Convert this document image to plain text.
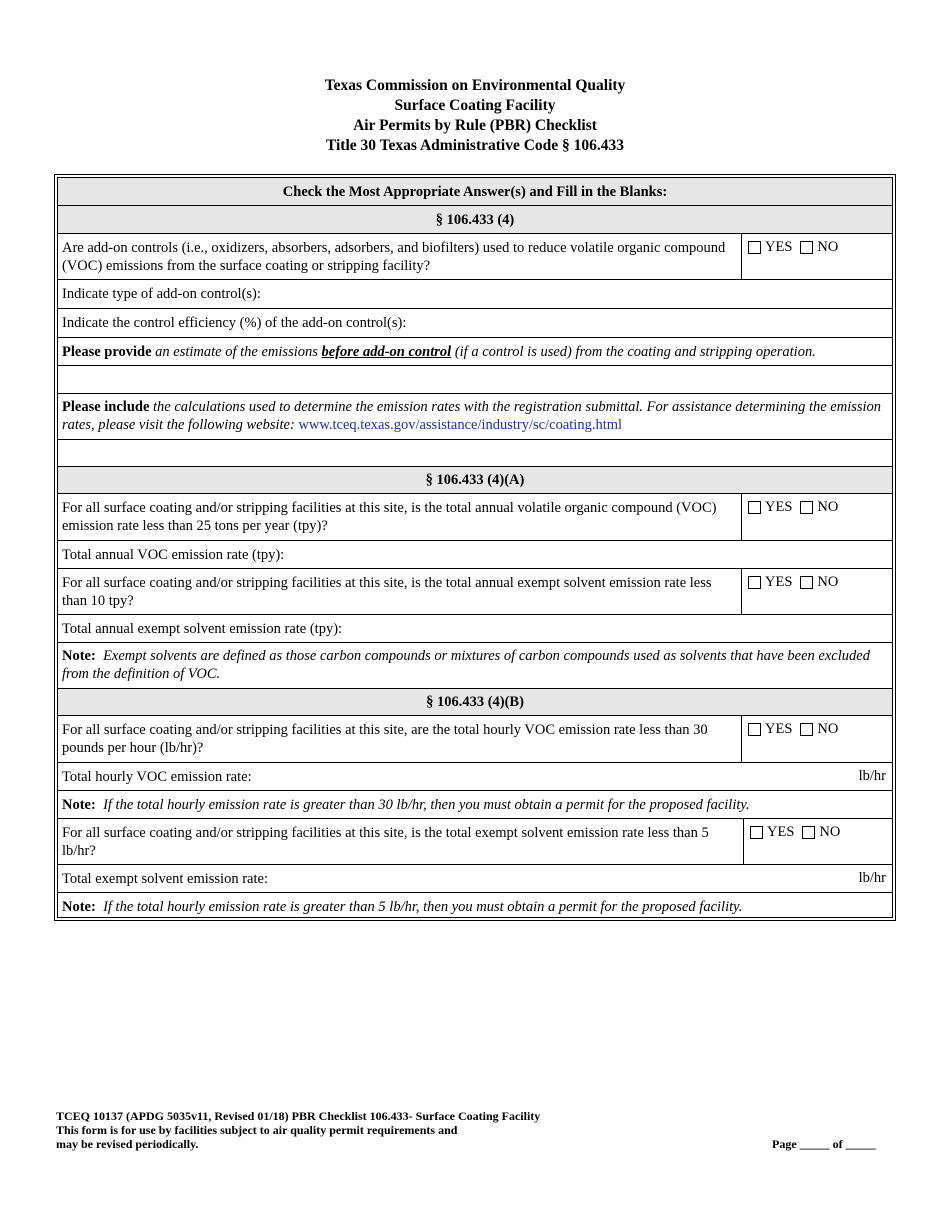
Texas Commission on Environmental Quality
Surface Coating Facility
Air Permits by Rule (PBR) Checklist
Title 30 Texas Administrative Code § 106.433
Check the Most Appropriate Answer(s) and Fill in the Blanks:
§ 106.433 (4)
Are add-on controls (i.e., oxidizers, absorbers, adsorbers, and biofilters) used to reduce volatile organic compound (VOC) emissions from the surface coating or stripping facility?
YES NO
Indicate type of add-on control(s):
Indicate the control efficiency (%) of the add-on control(s):
Please provide an estimate of the emissions before add-on control (if a control is used) from the coating and stripping operation.
Please include the calculations used to determine the emission rates with the registration submittal. For assistance determining the emission rates, please visit the following website: www.tceq.texas.gov/assistance/industry/sc/coating.html
§ 106.433 (4)(A)
For all surface coating and/or stripping facilities at this site, is the total annual volatile organic compound (VOC) emission rate less than 25 tons per year (tpy)?
YES NO
Total annual VOC emission rate (tpy):
For all surface coating and/or stripping facilities at this site, is the total annual exempt solvent emission rate less than 10 tpy?
YES NO
Total annual exempt solvent emission rate (tpy):
Note: Exempt solvents are defined as those carbon compounds or mixtures of carbon compounds used as solvents that have been excluded from the definition of VOC.
§ 106.433 (4)(B)
For all surface coating and/or stripping facilities at this site, are the total hourly VOC emission rate less than 30 pounds per hour (lb/hr)?
YES NO
Total hourly VOC emission rate:	lb/hr
Note: If the total hourly emission rate is greater than 30 lb/hr, then you must obtain a permit for the proposed facility.
For all surface coating and/or stripping facilities at this site, is the total exempt solvent emission rate less than 5 lb/hr?
YES NO
Total exempt solvent emission rate:	lb/hr
Note: If the total hourly emission rate is greater than 5 lb/hr, then you must obtain a permit for the proposed facility.
TCEQ 10137 (APDG 5035v11, Revised 01/18) PBR Checklist 106.433- Surface Coating Facility
This form is for use by facilities subject to air quality permit requirements and
may be revised periodically.	Page _____ of _____
